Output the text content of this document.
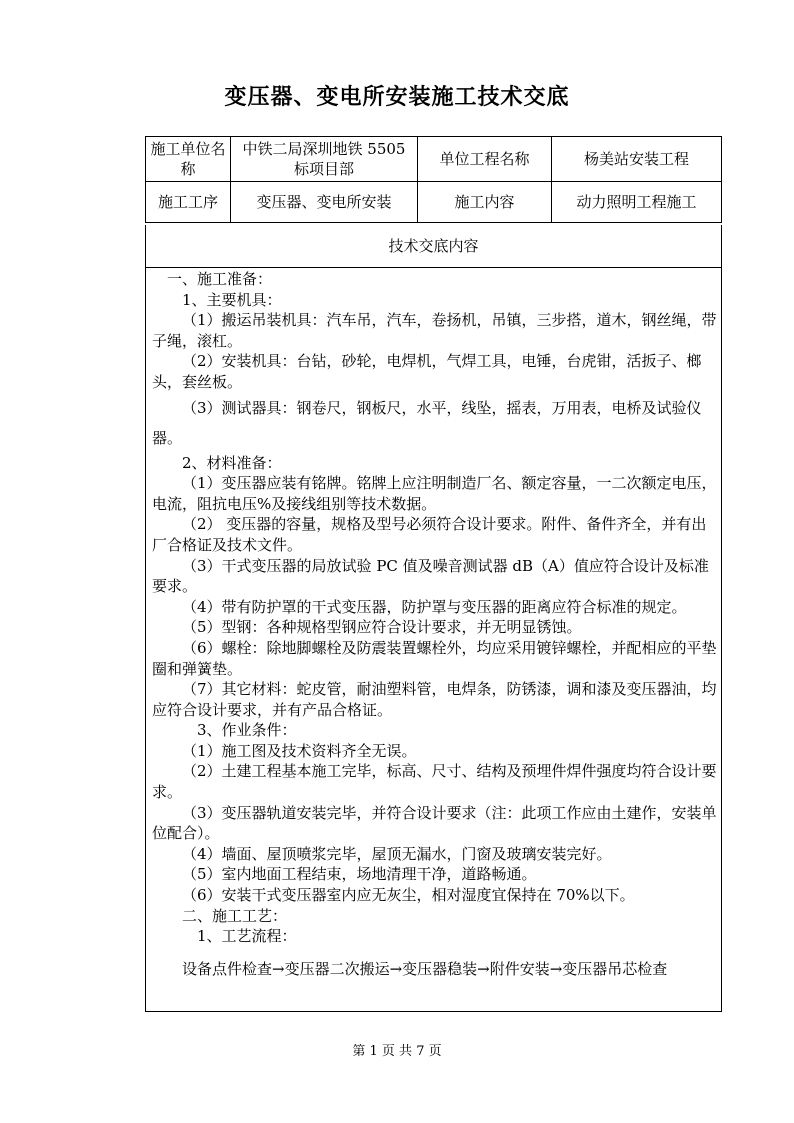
变压器、变电所安装施工技术交底
施工单位名称	中铁二局深圳地铁 5505 标项目部	单位工程名称	杨美站安装工程
施工工序	变压器、变电所安装	施工内容	动力照明工程施工
技术交底内容

一、施工准备：

1、主要机具：

（1）搬运吊装机具：汽车吊，汽车，卷扬机，吊镇，三步搭，道木，钢丝绳，带子绳，滚杠。

（2）安装机具：台钻，砂轮，电焊机，气焊工具，电锤，台虎钳，活扳子、榔头，套丝板。

（3）测试器具：钢卷尺，钢板尺，水平，线坠，摇表，万用表，电桥及试验仪器。

2、材料准备：

（1）变压器应装有铭牌。铭牌上应注明制造厂名、额定容量，一二次额定电压，电流，阻抗电压%及接线组别等技术数据。

（2） 变压器的容量，规格及型号必须符合设计要求。附件、备件齐全，并有出厂合格证及技术文件。

（3）干式变压器的局放试验 PC 值及噪音测试器 dB（A）值应符合设计及标准要求。

（4）带有防护罩的干式变压器，防护罩与变压器的距离应符合标准的规定。

（5）型钢：各种规格型钢应符合设计要求，并无明显锈蚀。

（6）螺栓：除地脚螺栓及防震装置螺栓外，均应采用镀锌螺栓，并配相应的平垫圈和弹簧垫。

（7）其它材料：蛇皮管，耐油塑料管，电焊条，防锈漆，调和漆及变压器油，均应符合设计要求，并有产品合格证。

3、作业条件：

（1）施工图及技术资料齐全无误。

（2）土建工程基本施工完毕，标高、尺寸、结构及预埋件焊件强度均符合设计要求。

（3）变压器轨道安装完毕，并符合设计要求（注：此项工作应由土建作，安装单位配合）。

（4）墙面、屋顶喷浆完毕，屋顶无漏水，门窗及玻璃安装完好。

（5）室内地面工程结束，场地清理干净，道路畅通。

（6）安装干式变压器室内应无灰尘，相对湿度宜保持在 70%以下。

二、施工工艺：

1、工艺流程：

设备点件检查→变压器二次搬运→变压器稳装→附件安装→变压器吊芯检查

第 1 页 共 7 页
